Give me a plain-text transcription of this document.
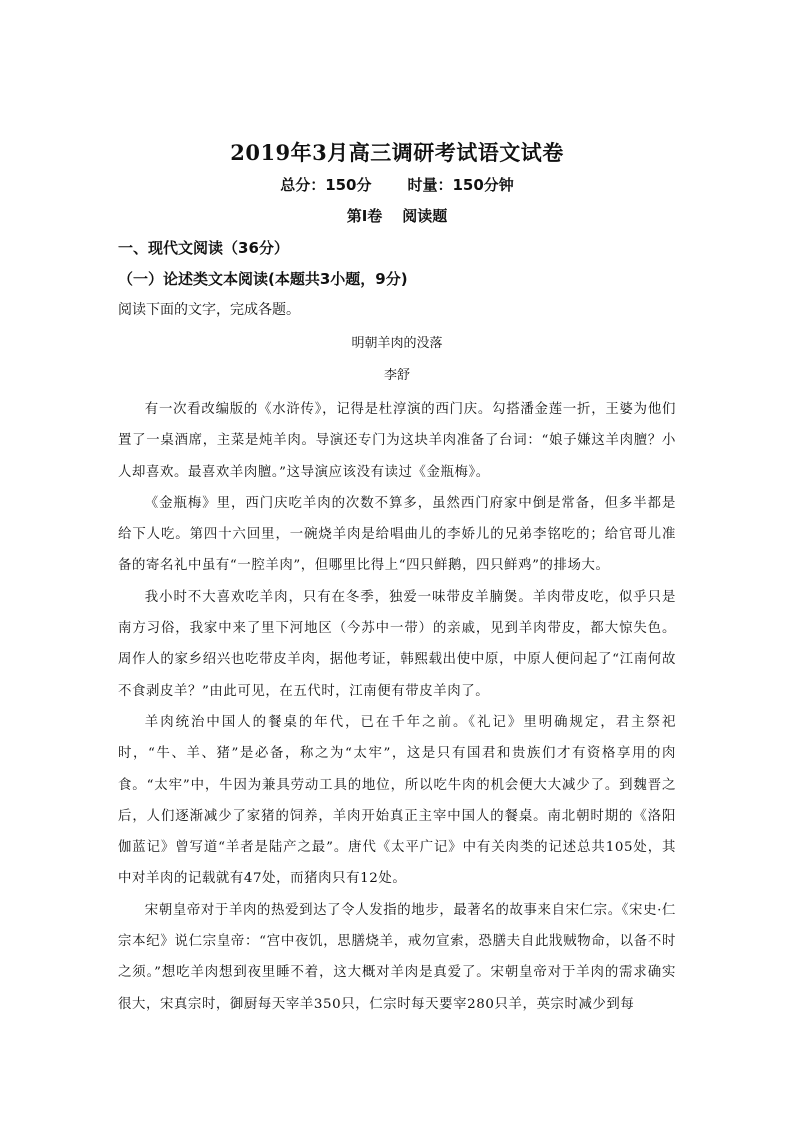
2019年3月高三调研考试语文试卷
总分：150分 时量：150分钟
第Ⅰ卷 阅读题
一、现代文阅读（36分）
（一）论述类文本阅读(本题共3小题，9分)
阅读下面的文字，完成各题。
明朝羊肉的没落
李舒

有一次看改编版的《水浒传》，记得是杜淳演的西门庆。勾搭潘金莲一折，王婆为他们置了一桌酒席，主菜是炖羊肉。导演还专门为这块羊肉准备了台词：“娘子嫌这羊肉膻？小人却喜欢。最喜欢羊肉膻。”这导演应该没有读过《金瓶梅》。

《金瓶梅》里，西门庆吃羊肉的次数不算多，虽然西门府家中倒是常备，但多半都是给下人吃。第四十六回里，一碗烧羊肉是给唱曲儿的李娇儿的兄弟李铭吃的；给官哥儿准备的寄名礼中虽有“一腔羊肉”，但哪里比得上“四只鲜鹅，四只鲜鸡”的排场大。

我小时不大喜欢吃羊肉，只有在冬季，独爱一味带皮羊腩煲。羊肉带皮吃，似乎只是南方习俗，我家中来了里下河地区（今苏中一带）的亲戚，见到羊肉带皮，都大惊失色。周作人的家乡绍兴也吃带皮羊肉，据他考证，韩熙载出使中原，中原人便问起了“江南何故不食剥皮羊？”由此可见，在五代时，江南便有带皮羊肉了。

羊肉统治中国人的餐桌的年代，已在千年之前。《礼记》里明确规定，君主祭祀时，“牛、羊、猪”是必备，称之为“太牢”，这是只有国君和贵族们才有资格享用的肉食。“太牢”中，牛因为兼具劳动工具的地位，所以吃牛肉的机会便大大减少了。到魏晋之后，人们逐渐减少了家猪的饲养，羊肉开始真正主宰中国人的餐桌。南北朝时期的《洛阳伽蓝记》曾写道“羊者是陆产之最”。唐代《太平广记》中有关肉类的记述总共105处，其中对羊肉的记载就有47处，而猪肉只有12处。

宋朝皇帝对于羊肉的热爱到达了令人发指的地步，最著名的故事来自宋仁宗。《宋史·仁宗本纪》说仁宗皇帝：“宫中夜饥，思膳烧羊，戒勿宣索，恐膳夫自此戕贼物命，以备不时之须。”想吃羊肉想到夜里睡不着，这大概对羊肉是真爱了。宋朝皇帝对于羊肉的需求确实很大，宋真宗时，御厨每天宰羊350只，仁宗时每天要宰280只羊，英宗时减少到每
